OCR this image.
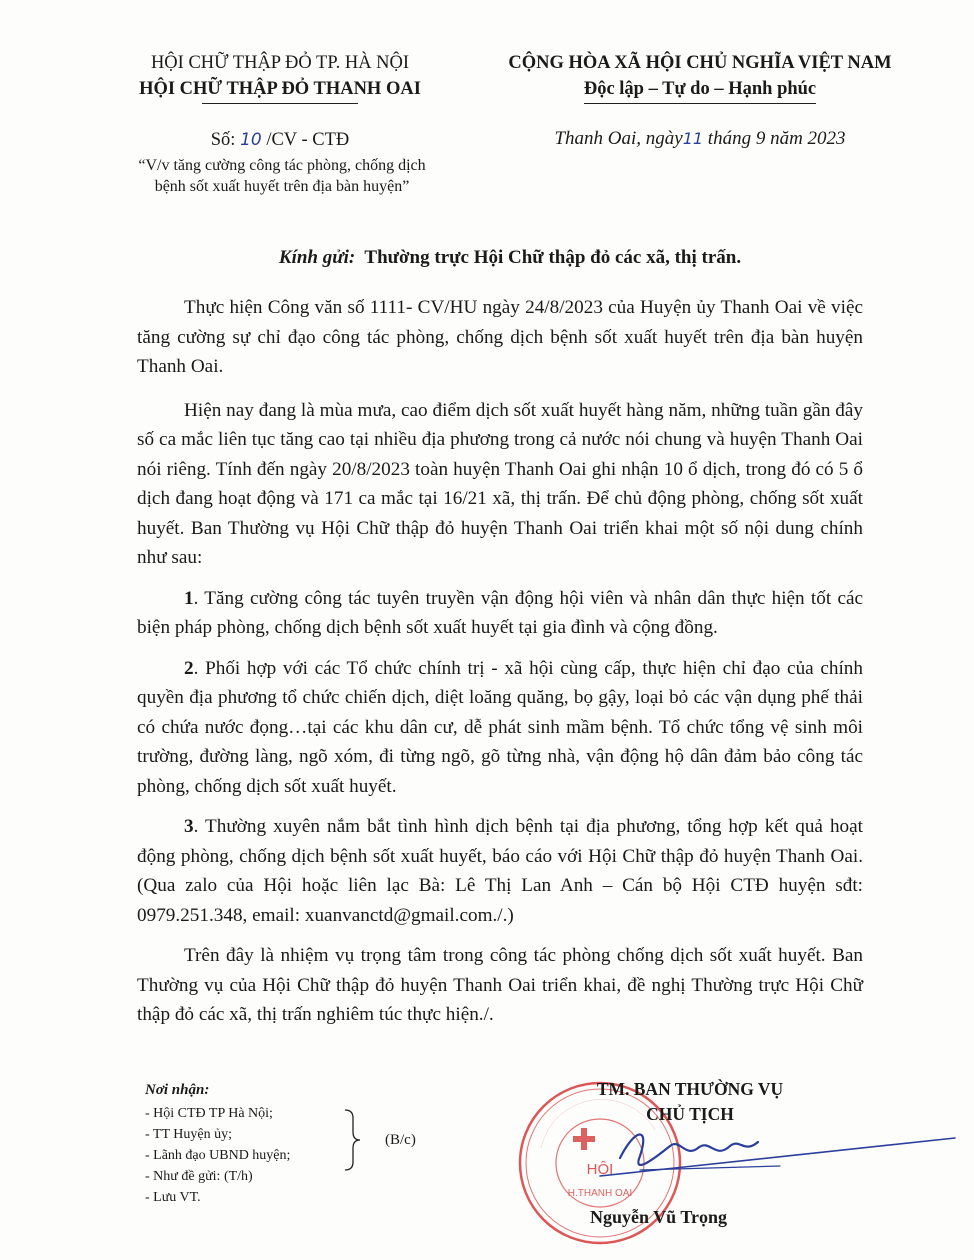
HỘI CHỮ THẬP ĐỎ TP. HÀ NỘI
HỘI CHỮ THẬP ĐỎ THANH OAI
CỘNG HÒA XÃ HỘI CHỦ NGHĨA VIỆT NAM
Độc lập – Tự do – Hạnh phúc
Số: 10 /CV - CTĐ
“V/v tăng cường công tác phòng, chống dịch
bệnh sốt xuất huyết trên địa bàn huyện”
Thanh Oai, ngày11 tháng 9 năm 2023
Kính gửi: Thường trực Hội Chữ thập đỏ các xã, thị trấn.

Thực hiện Công văn số 1111- CV/HU ngày 24/8/2023 của Huyện ủy Thanh Oai về việc tăng cường sự chỉ đạo công tác phòng, chống dịch bệnh sốt xuất huyết trên địa bàn huyện Thanh Oai.

Hiện nay đang là mùa mưa, cao điểm dịch sốt xuất huyết hàng năm, những tuần gần đây số ca mắc liên tục tăng cao tại nhiều địa phương trong cả nước nói chung và huyện Thanh Oai nói riêng. Tính đến ngày 20/8/2023 toàn huyện Thanh Oai ghi nhận 10 ổ dịch, trong đó có 5 ổ dịch đang hoạt động và 171 ca mắc tại 16/21 xã, thị trấn. Để chủ động phòng, chống sốt xuất huyết. Ban Thường vụ Hội Chữ thập đỏ huyện Thanh Oai triển khai một số nội dung chính như sau:

1. Tăng cường công tác tuyên truyền vận động hội viên và nhân dân thực hiện tốt các biện pháp phòng, chống dịch bệnh sốt xuất huyết tại gia đình và cộng đồng.

2. Phối hợp với các Tổ chức chính trị - xã hội cùng cấp, thực hiện chỉ đạo của chính quyền địa phương tổ chức chiến dịch, diệt loăng quăng, bọ gậy, loại bỏ các vận dụng phế thải có chứa nước đọng…tại các khu dân cư, dễ phát sinh mầm bệnh. Tổ chức tổng vệ sinh môi trường, đường làng, ngõ xóm, đi từng ngõ, gõ từng nhà, vận động hộ dân đảm bảo công tác phòng, chống dịch sốt xuất huyết.

3. Thường xuyên nắm bắt tình hình dịch bệnh tại địa phương, tổng hợp kết quả hoạt động phòng, chống dịch bệnh sốt xuất huyết, báo cáo với Hội Chữ thập đỏ huyện Thanh Oai. (Qua zalo của Hội hoặc liên lạc Bà: Lê Thị Lan Anh – Cán bộ Hội CTĐ huyện sđt: 0979.251.348, email: xuanvanctd@gmail.com./.)

Trên đây là nhiệm vụ trọng tâm trong công tác phòng chống dịch sốt xuất huyết. Ban Thường vụ của Hội Chữ thập đỏ huyện Thanh Oai triển khai, đề nghị Thường trực Hội Chữ thập đỏ các xã, thị trấn nghiêm túc thực hiện./.

Nơi nhận:
- Hội CTĐ TP Hà Nội;
- TT Huyện ủy;
- Lãnh đạo UBND huyện;
- Như đề gửi: (T/h)
- Lưu VT.
(B/c)
HỘI
H.THANH OAI
TM. BAN THƯỜNG VỤ
CHỦ TỊCH
Nguyễn Vũ Trọng
